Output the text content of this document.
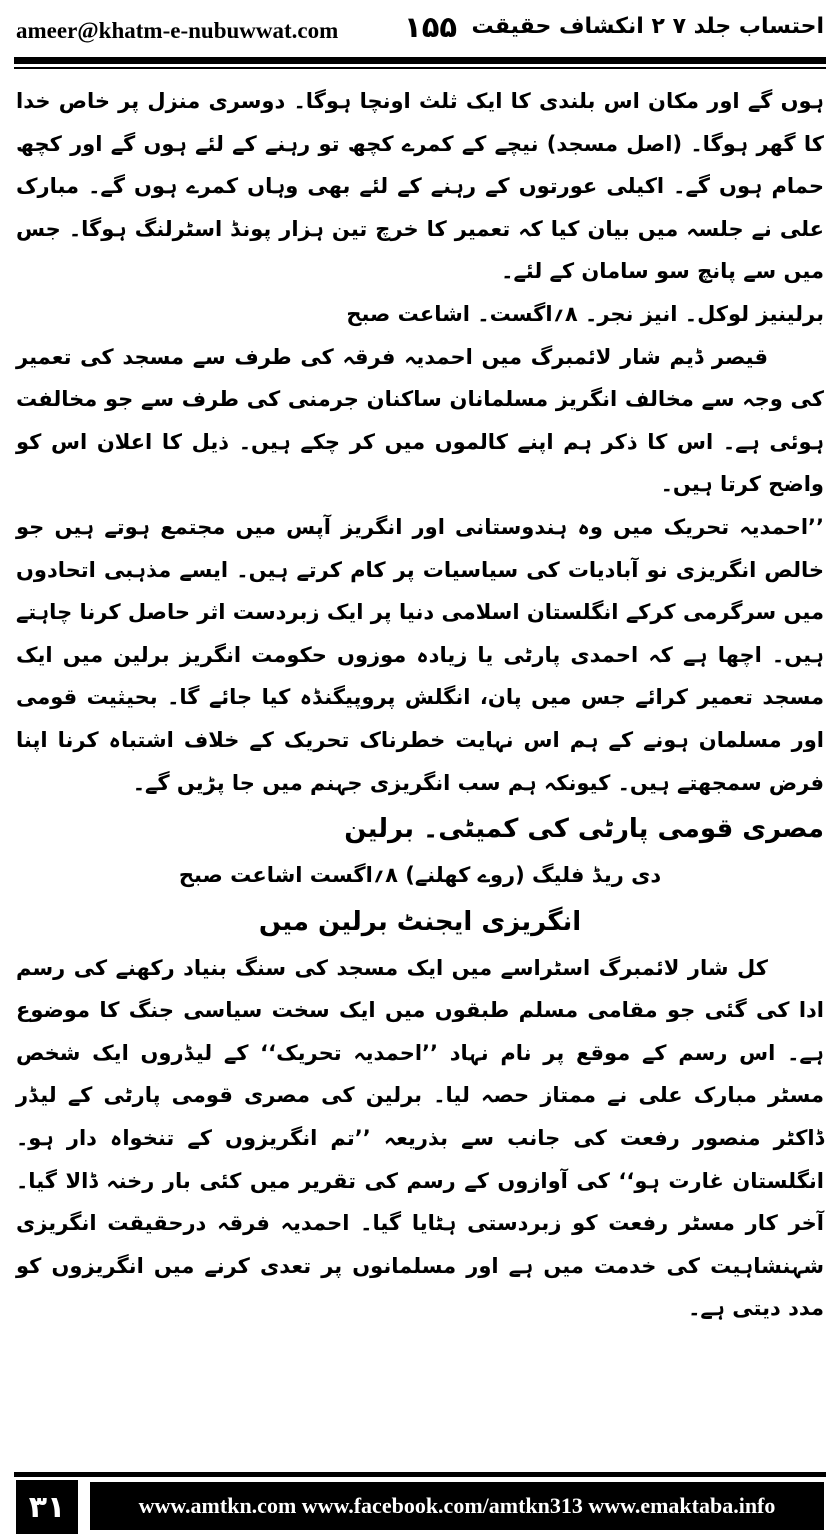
ameer@khatm-e-nubuwwat.com ۱۵۵ احتساب جلد ۷ ۲ انکشاف حقیقت

ہوں گے اور مکان اس بلندی کا ایک ثلث اونچا ہوگا۔ دوسری منزل پر خاص خدا کا گھر ہوگا۔ (اصل مسجد) نیچے کے کمرے کچھ تو رہنے کے لئے ہوں گے اور کچھ حمام ہوں گے۔ اکیلی عورتوں کے رہنے کے لئے بھی وہاں کمرے ہوں گے۔ مبارک علی نے جلسہ میں بیان کیا کہ تعمیر کا خرچ تین ہزار پونڈ اسٹرلنگ ہوگا۔ جس میں سے پانچ سو سامان کے لئے۔

برلینیز لوکل۔ انیز نجر۔ ۸؍اگست۔ اشاعت صبح

قیصر ڈیم شار لائمبرگ میں احمدیہ فرقہ کی طرف سے مسجد کی تعمیر کی وجہ سے مخالف انگریز مسلمانان ساکنان جرمنی کی طرف سے جو مخالفت ہوئی ہے۔ اس کا ذکر ہم اپنے کالموں میں کر چکے ہیں۔ ذیل کا اعلان اس کو واضح کرتا ہیں۔

’’احمدیہ تحریک میں وہ ہندوستانی اور انگریز آپس میں مجتمع ہوتے ہیں جو خالص انگریزی نو آبادیات کی سیاسیات پر کام کرتے ہیں۔ ایسے مذہبی اتحادوں میں سرگرمی کرکے انگلستان اسلامی دنیا پر ایک زبردست اثر حاصل کرنا چاہتے ہیں۔ اچھا ہے کہ احمدی پارٹی یا زیادہ موزوں حکومت انگریز برلین میں ایک مسجد تعمیر کرائے جس میں پان، انگلش پروپیگنڈہ کیا جائے گا۔ بحیثیت قومی اور مسلمان ہونے کے ہم اس نہایت خطرناک تحریک کے خلاف اشتباہ کرنا اپنا فرض سمجھتے ہیں۔ کیونکہ ہم سب انگریزی جہنم میں جا پڑیں گے۔

مصری قومی پارٹی کی کمیٹی۔ برلین

دی ریڈ فلیگ (روے کھلنے) ۸؍اگست اشاعت صبح

انگریزی ایجنٹ برلین میں

کل شار لائمبرگ اسٹراسے میں ایک مسجد کی سنگ بنیاد رکھنے کی رسم ادا کی گئی جو مقامی مسلم طبقوں میں ایک سخت سیاسی جنگ کا موضوع ہے۔ اس رسم کے موقع پر نام نہاد ’’احمدیہ تحریک‘‘ کے لیڈروں ایک شخص مسٹر مبارک علی نے ممتاز حصہ لیا۔ برلین کی مصری قومی پارٹی کے لیڈر ڈاکٹر منصور رفعت کی جانب سے بذریعہ ’’تم انگریزوں کے تنخواہ دار ہو۔ انگلستان غارت ہو‘‘ کی آوازوں کے رسم کی تقریر میں کئی بار رخنہ ڈالا گیا۔ آخر کار مسٹر رفعت کو زبردستی ہٹایا گیا۔ احمدیہ فرقہ درحقیقت انگریزی شہنشاہیت کی خدمت میں ہے اور مسلمانوں پر تعدی کرنے میں انگریزوں کو مدد دیتی ہے۔

۳۱	www.amtkn.com www.facebook.com/amtkn313 www.emaktaba.info
